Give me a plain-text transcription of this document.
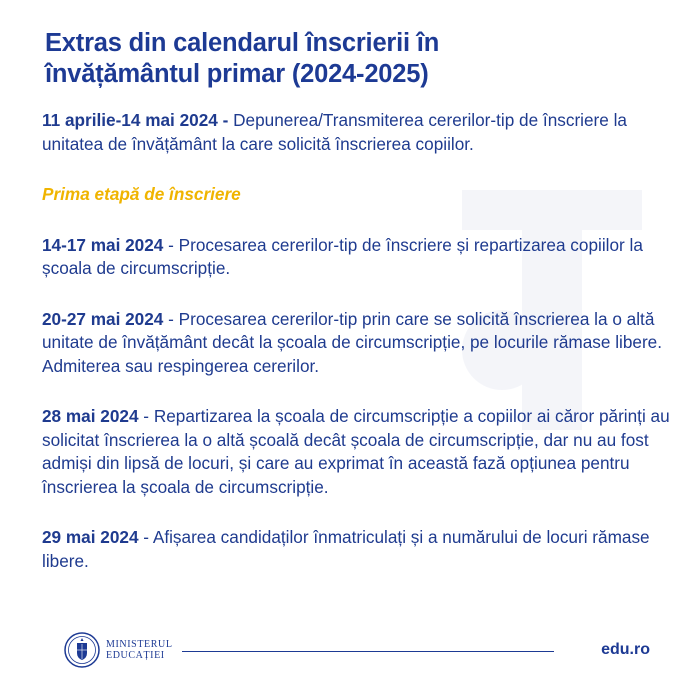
Extras din calendarul înscrierii în
învățământul primar (2024-2025)

11 aprilie-14 mai 2024 - Depunerea/Transmiterea cererilor-tip de înscriere la unitatea de învățământ la care solicită înscrierea copiilor.

Prima etapă de înscriere

14-17 mai 2024 - Procesarea cererilor-tip de înscriere și repartizarea copiilor la școala de circumscripție.

20-27 mai 2024 - Procesarea cererilor-tip prin care se solicită înscrierea la o altă unitate de învățământ decât la școala de circumscripție, pe locurile rămase libere. Admiterea sau respingerea cererilor.

28 mai 2024 - Repartizarea la școala de circumscripție a copiilor ai căror părinți au solicitat înscrierea la o altă școală decât școala de circumscripție, dar nu au fost admiși din lipsă de locuri, și care au exprimat în această fază opțiunea pentru înscrierea la școala de circumscripție.

29 mai 2024 - Afișarea candidaților înmatriculați și a numărului de locuri rămase libere.

MINISTERUL
EDUCAȚIEI	edu.ro
